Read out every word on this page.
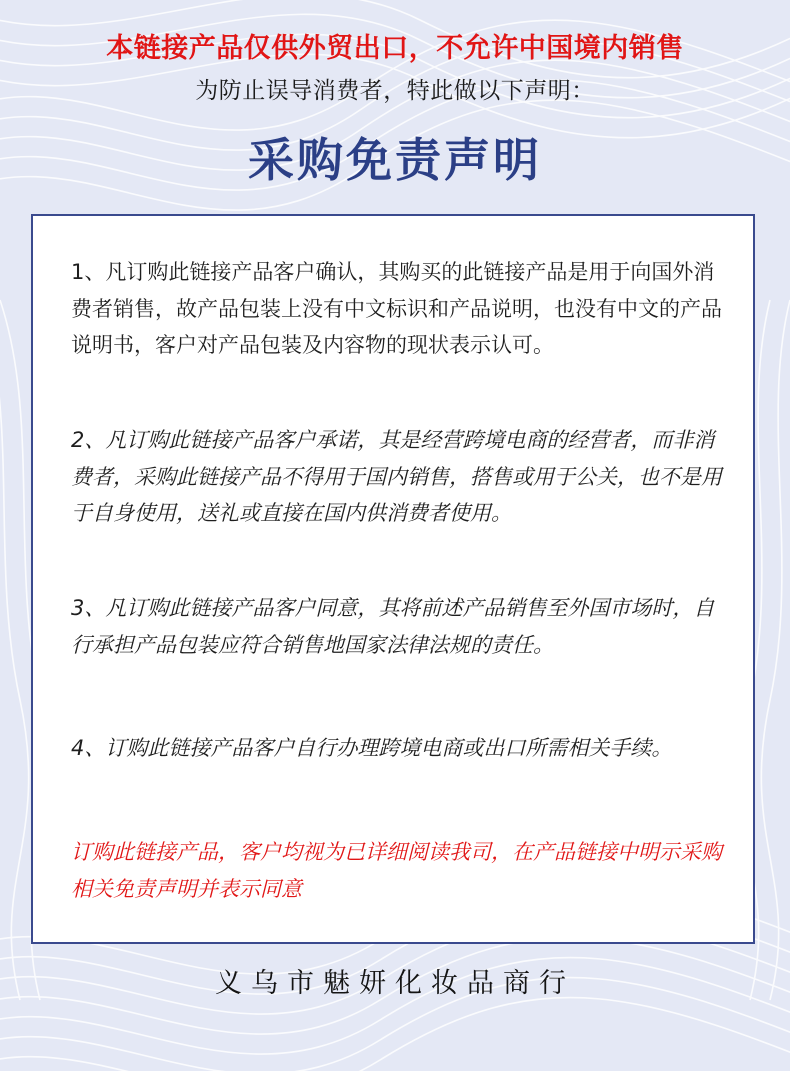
本链接产品仅供外贸出口，不允许中国境内销售
为防止误导消费者，特此做以下声明：
采购免责声明

1、凡订购此链接产品客户确认，其购买的此链接产品是用于向国外消费者销售，故产品包装上没有中文标识和产品说明，也没有中文的产品说明书，客户对产品包装及内容物的现状表示认可。

2、凡订购此链接产品客户承诺，其是经营跨境电商的经营者，而非消费者，采购此链接产品不得用于国内销售，搭售或用于公关，也不是用于自身使用，送礼或直接在国内供消费者使用。

3、凡订购此链接产品客户同意，其将前述产品销售至外国市场时，自行承担产品包装应符合销售地国家法律法规的责任。

4、订购此链接产品客户自行办理跨境电商或出口所需相关手续。

订购此链接产品，客户均视为已详细阅读我司，在产品链接中明示采购相关免责声明并表示同意

义乌市魅妍化妆品商行
